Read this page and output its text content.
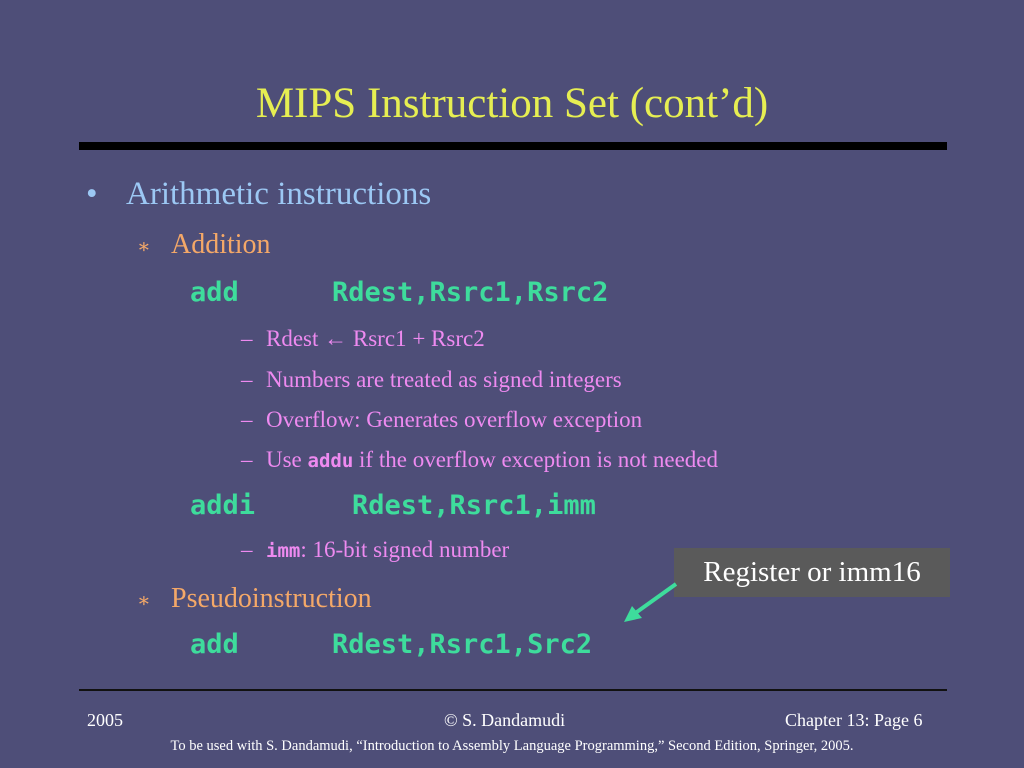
MIPS Instruction Set (cont’d)
• Arithmetic instructions
∗ Addition
add	Rdest,Rsrc1,Rsrc2
– Rdest ← Rsrc1 + Rsrc2
– Numbers are treated as signed integers
– Overflow: Generates overflow exception
– Use addu if the overflow exception is not needed
addi	Rdest,Rsrc1,imm
– imm: 16-bit signed number
∗ Pseudoinstruction
add	Rdest,Rsrc1,Src2
Register or imm16
2005	© S. Dandamudi	Chapter 13: Page 6
To be used with S. Dandamudi, “Introduction to Assembly Language Programming,” Second Edition, Springer, 2005.
